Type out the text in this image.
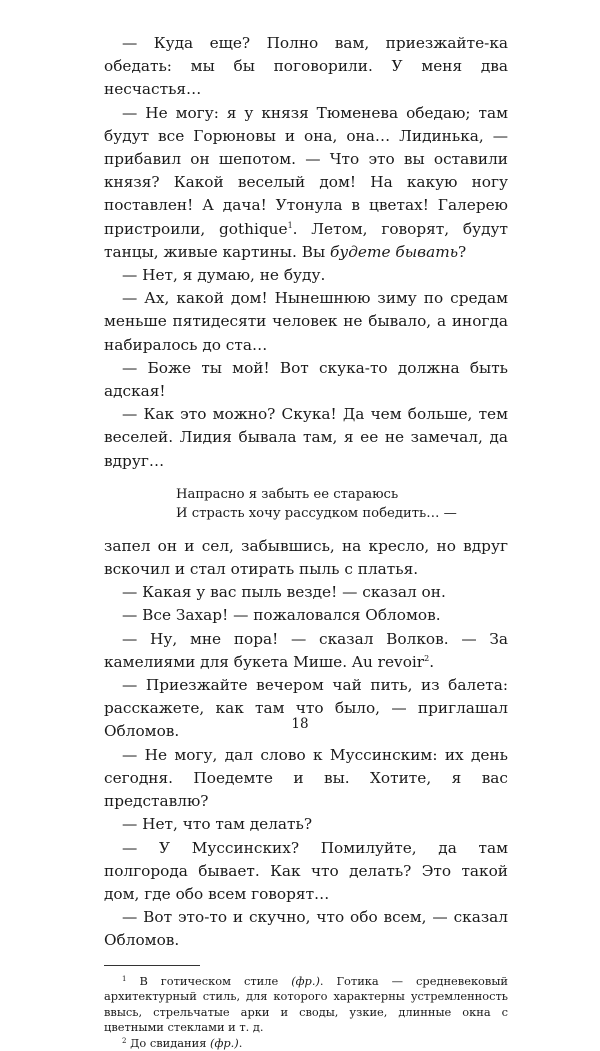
— Куда еще? Полно вам, приезжайте-ка обедать: мы бы поговорили. У меня два несчастья…

— Не могу: я у князя Тюменева обедаю; там будут все Горюновы и она, она… Лидинька, — прибавил он шепотом. — Что это вы оставили князя? Какой веселый дом! На какую ногу поставлен! А дача! Утонула в цветах! Галерею пристроили, gothique$^1$. Летом, говорят, будут танцы, живые картины. Вы будете бывать?

— Нет, я думаю, не буду.

— Ах, какой дом! Нынешнюю зиму по средам меньше пятидесяти человек не бывало, а иногда набиралось до ста…

— Боже ты мой! Вот скука-то должна быть адская!

— Как это можно? Скука! Да чем больше, тем веселей. Лидия бывала там, я ее не замечал, да вдруг…

Напрасно я забыть ее стараюсь
И страсть хочу рассудком победить… —

запел он и сел, забывшись, на кресло, но вдруг вскочил и стал отирать пыль с платья.

— Какая у вас пыль везде! — сказал он.

— Все Захар! — пожаловался Обломов.

— Ну, мне пора! — сказал Волков. — За камелиями для букета Мише. Au revoir$^2$.

— Приезжайте вечером чай пить, из балета: расскажете, как там что было, — приглашал Обломов.

— Не могу, дал слово к Муссинским: их день сегодня. Поедемте и вы. Хотите, я вас представлю?

— Нет, что там делать?

— У Муссинских? Помилуйте, да там полгорода бывает. Как что делать? Это такой дом, где обо всем говорят…

— Вот это-то и скучно, что обо всем, — сказал Обломов.

$^1$ В готическом стиле (фр.). Готика — средневековый архитектурный стиль, для которого характерны устремленность ввысь, стрельчатые арки и своды, узкие, длинные окна с цветными стеклами и т. д.

$^2$ До свидания (фр.).

18
